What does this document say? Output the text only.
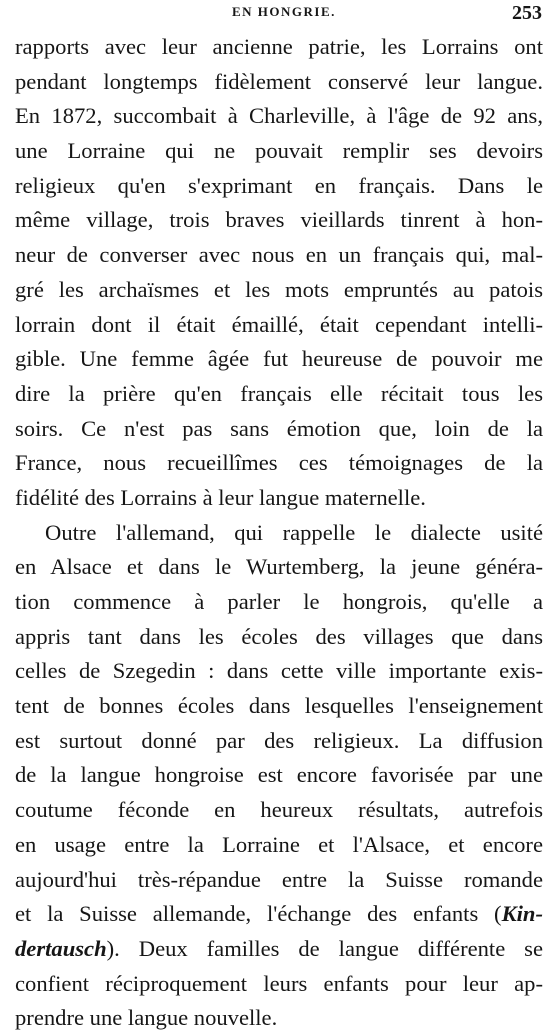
EN HONGRIE.	253
rapports avec leur ancienne patrie, les Lorrains ont
pendant longtemps fidèlement conservé leur langue.
En 1872, succombait à Charleville, à l'âge de 92 ans,
une Lorraine qui ne pouvait remplir ses devoirs
religieux qu'en s'exprimant en français. Dans le
même village, trois braves vieillards tinrent à hon-
neur de converser avec nous en un français qui, mal-
gré les archaïsmes et les mots empruntés au patois
lorrain dont il était émaillé, était cependant intelli-
gible. Une femme âgée fut heureuse de pouvoir me
dire la prière qu'en français elle récitait tous les
soirs. Ce n'est pas sans émotion que, loin de la
France, nous recueillîmes ces témoignages de la
fidélité des Lorrains à leur langue maternelle.
Outre l'allemand, qui rappelle le dialecte usité
en Alsace et dans le Wurtemberg, la jeune généra-
tion commence à parler le hongrois, qu'elle a
appris tant dans les écoles des villages que dans
celles de Szegedin : dans cette ville importante exis-
tent de bonnes écoles dans lesquelles l'enseignement
est surtout donné par des religieux. La diffusion
de la langue hongroise est encore favorisée par une
coutume féconde en heureux résultats, autrefois
en usage entre la Lorraine et l'Alsace, et encore
aujourd'hui très-répandue entre la Suisse romande
et la Suisse allemande, l'échange des enfants (Kin-
dertausch). Deux familles de langue différente se
confient réciproquement leurs enfants pour leur ap-
prendre une langue nouvelle.
